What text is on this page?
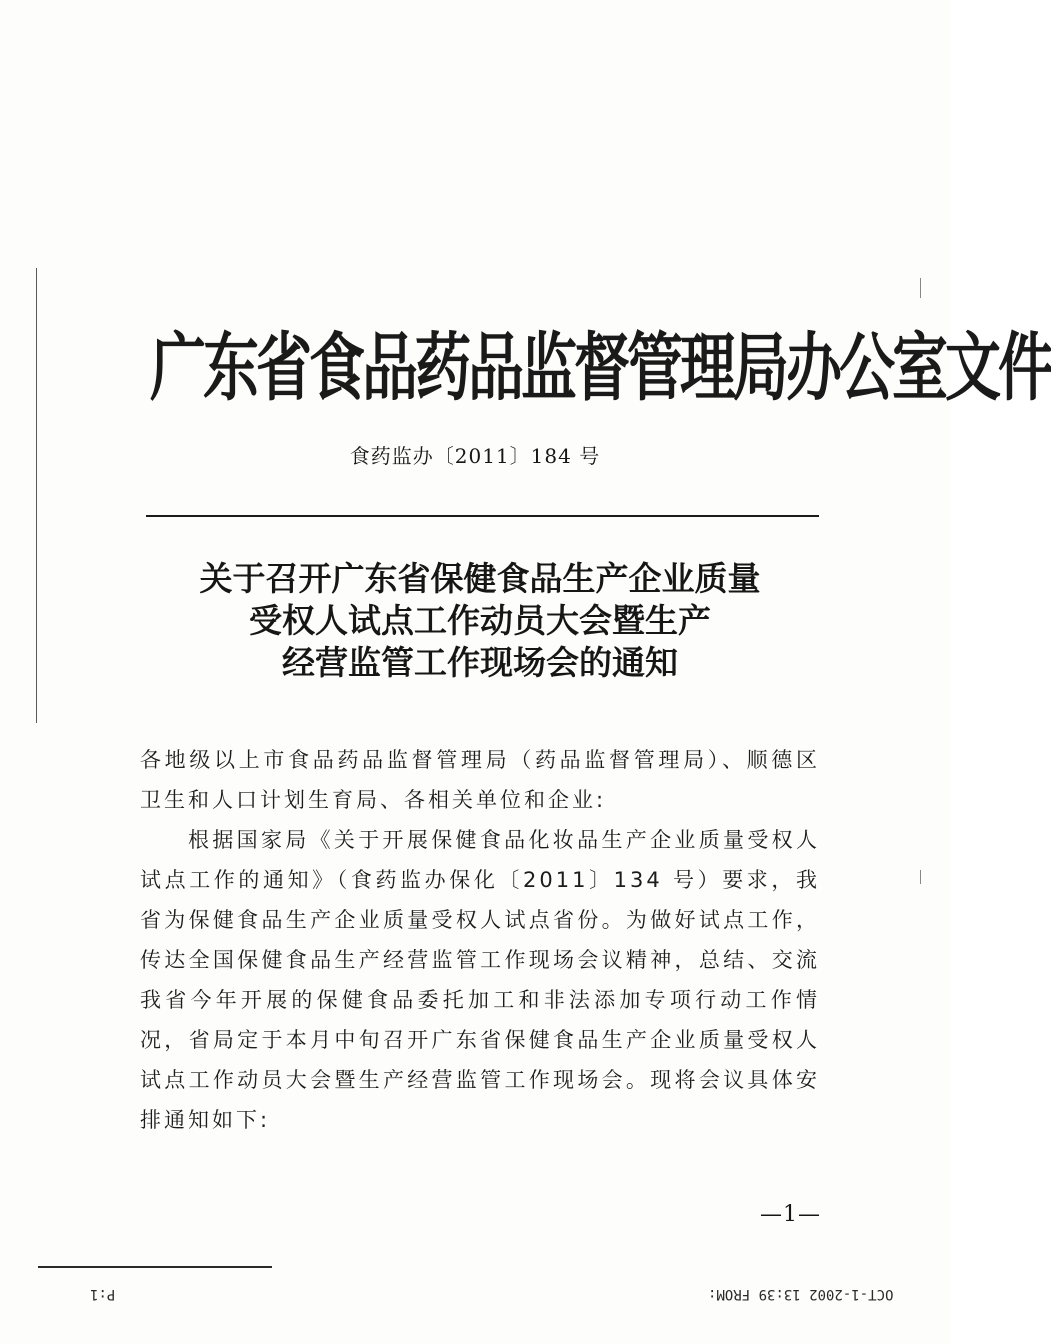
广东省食品药品监督管理局办公室文件
食药监办〔2011〕184 号
关于召开广东省保健食品生产企业质量
受权人试点工作动员大会暨生产
经营监管工作现场会的通知

各地级以上市食品药品监督管理局（药品监督管理局）、顺德区卫生和人口计划生育局、各相关单位和企业:

根据国家局《关于开展保健食品化妆品生产企业质量受权人试点工作的通知》（食药监办保化〔2011〕134 号）要求，我省为保健食品生产企业质量受权人试点省份。为做好试点工作，传达全国保健食品生产经营监管工作现场会议精神，总结、交流我省今年开展的保健食品委托加工和非法添加专项行动工作情况，省局定于本月中旬召开广东省保健食品生产企业质量受权人试点工作动员大会暨生产经营监管工作现场会。现将会议具体安排通知如下:

—1—
P:1	OCT-1-2002 13:39 FROM:
